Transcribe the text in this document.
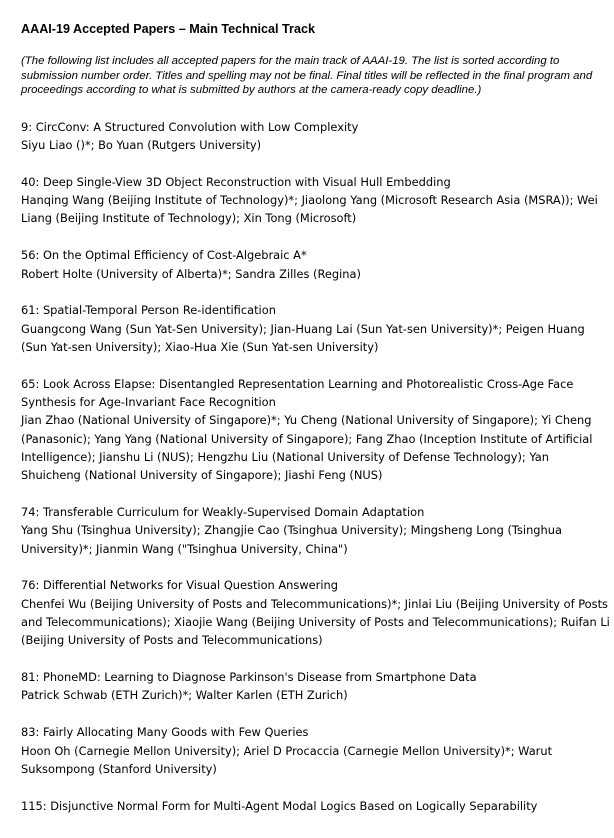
AAAI-19 Accepted Papers – Main Technical Track
(The following list includes all accepted papers for the main track of AAAI-19. The list is sorted according to submission number order. Titles and spelling may not be final. Final titles will be reflected in the final program and proceedings according to what is submitted by authors at the camera-ready copy deadline.)
9: CircConv: A Structured Convolution with Low Complexity
Siyu Liao ()*; Bo Yuan (Rutgers University)
40: Deep Single-View 3D Object Reconstruction with Visual Hull Embedding
Hanqing Wang (Beijing Institute of Technology)*; Jiaolong Yang (Microsoft Research Asia (MSRA)); Wei Liang (Beijing Institute of Technology); Xin Tong (Microsoft)
56: On the Optimal Efficiency of Cost-Algebraic A*
Robert Holte (University of Alberta)*; Sandra Zilles (Regina)
61: Spatial-Temporal Person Re-identification
Guangcong Wang (Sun Yat-Sen University); Jian-Huang Lai (Sun Yat-sen University)*; Peigen Huang (Sun Yat-sen University); Xiao-Hua Xie (Sun Yat-sen University)
65: Look Across Elapse: Disentangled Representation Learning and Photorealistic Cross-Age Face Synthesis for Age-Invariant Face Recognition
Jian Zhao (National University of Singapore)*; Yu Cheng (National University of Singapore); Yi Cheng (Panasonic); Yang Yang (National University of Singapore); Fang Zhao (Inception Institute of Artificial Intelligence); Jianshu Li (NUS); Hengzhu Liu (National University of Defense Technology); Yan Shuicheng (National University of Singapore); Jiashi Feng (NUS)
74: Transferable Curriculum for Weakly-Supervised Domain Adaptation
Yang Shu (Tsinghua University); Zhangjie Cao (Tsinghua University); Mingsheng Long (Tsinghua University)*; Jianmin Wang ("Tsinghua University, China")
76: Differential Networks for Visual Question Answering
Chenfei Wu (Beijing University of Posts and Telecommunications)*; Jinlai Liu (Beijing University of Posts and Telecommunications); Xiaojie Wang (Beijing University of Posts and Telecommunications); Ruifan Li (Beijing University of Posts and Telecommunications)
81: PhoneMD: Learning to Diagnose Parkinson's Disease from Smartphone Data
Patrick Schwab (ETH Zurich)*; Walter Karlen (ETH Zurich)
83: Fairly Allocating Many Goods with Few Queries
Hoon Oh (Carnegie Mellon University); Ariel D Procaccia (Carnegie Mellon University)*; Warut Suksompong (Stanford University)
115: Disjunctive Normal Form for Multi-Agent Modal Logics Based on Logically Separability
